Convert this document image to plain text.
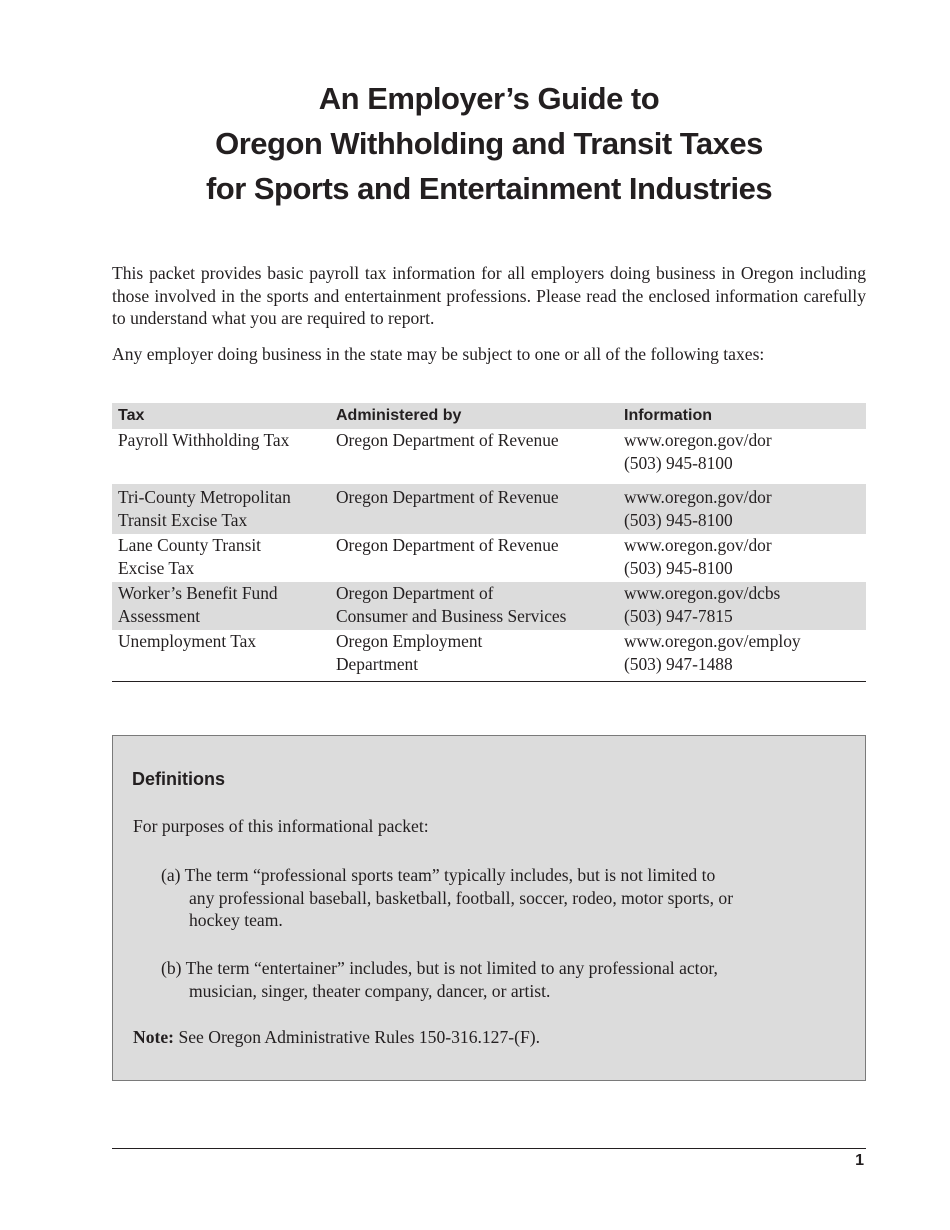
An Employer’s Guide to
Oregon Withholding and Transit Taxes
for Sports and Entertainment Industries

This packet provides basic payroll tax information for all employers doing business in Oregon including those involved in the sports and entertainment professions. Please read the enclosed information carefully to understand what you are required to report.

Any employer doing business in the state may be subject to one or all of the following taxes:

Tax	Administered by	Information

Payroll Withholding Tax	Oregon Department of Revenue	www.oregon.gov/dor
(503) 945-8100

Tri-County Metropolitan
Transit Excise Tax	Oregon Department of Revenue	www.oregon.gov/dor
(503) 945-8100

Lane County Transit
Excise Tax	Oregon Department of Revenue	www.oregon.gov/dor
(503) 945-8100

Worker’s Benefit Fund
Assessment	Oregon Department of
Consumer and Business Services	www.oregon.gov/dcbs
(503) 947-7815

Unemployment Tax	Oregon Employment
Department	www.oregon.gov/employ
(503) 947-1488
Definitions
For purposes of this informational packet:
(a) The term “professional sports team” typically includes, but is not limited to
any professional baseball, basketball, football, soccer, rodeo, motor sports, or
hockey team.
(b) The term “entertainer” includes, but is not limited to any professional actor,
musician, singer, theater company, dancer, or artist.
Note: See Oregon Administrative Rules 150-316.127-(F).
1
